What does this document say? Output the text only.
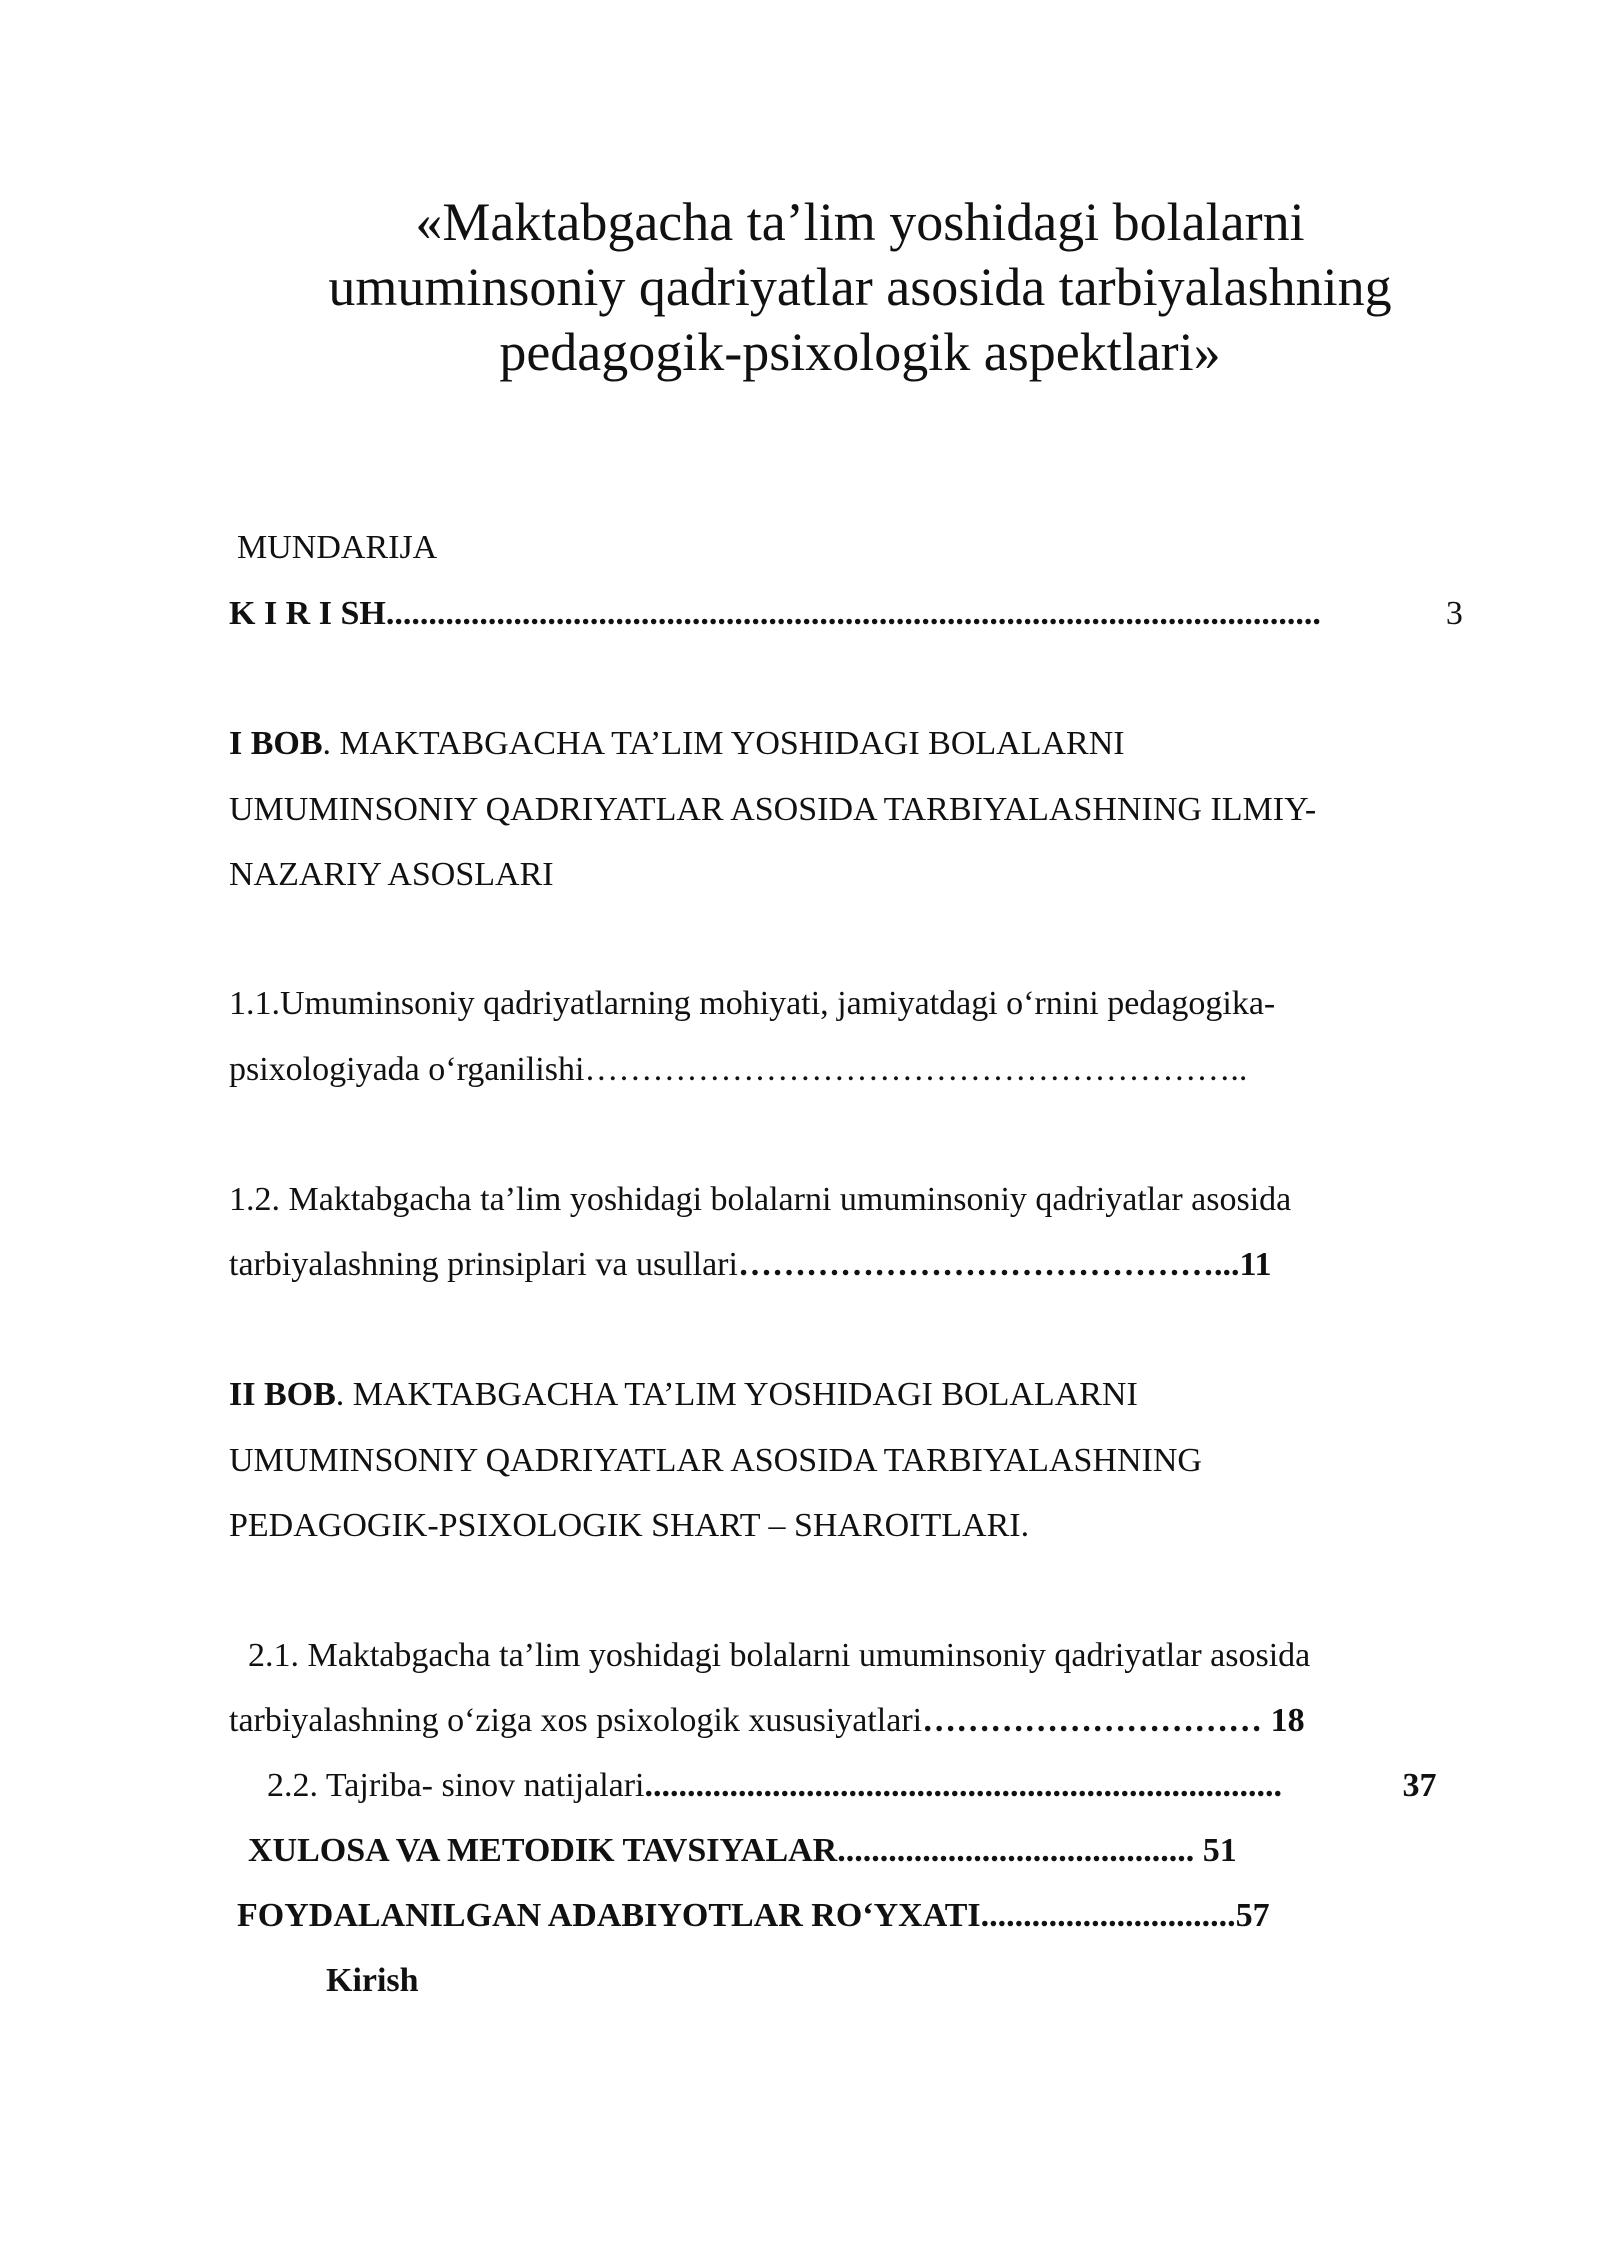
«Maktabgacha ta’lim yoshidagi bolalarni
umuminsoniy qadriyatlar asosida tarbiyalashning
pedagogik-psixologik aspektlari»
MUNDARIJA
K I R I SH..............................................................................................................	3
I BOB. MAKTABGACHA TA’LIM YOSHIDAGI BOLALARNI
UMUMINSONIY QADRIYATLAR ASOSIDA TARBIYALASHNING ILMIY-
NAZARIY ASOSLARI
1.1.Umuminsoniy qadriyatlarning mohiyati, jamiyatdagi o‘rnini pedagogika-
psixologiyada o‘rganilishi…………………………………………………..
1.2. Maktabgacha ta’lim yoshidagi bolalarni umuminsoniy qadriyatlar asosida
tarbiyalashning prinsiplari va usullari……………………………………...11
II BOB. MAKTABGACHA TA’LIM YOSHIDAGI BOLALARNI
UMUMINSONIY QADRIYATLAR ASOSIDA TARBIYALASHNING
PEDAGOGIK-PSIXOLOGIK SHART – SHAROITLARI.
2.1. Maktabgacha ta’lim yoshidagi bolalarni umuminsoniy qadriyatlar asosida
tarbiyalashning o‘ziga xos psixologik xususiyatlari………………………… 18
2.2. Tajriba- sinov natijalari...........................................................................	37
XULOSA VA METODIK TAVSIYALAR.......................................... 51
FOYDALANILGAN ADABIYOTLAR RO‘YXATI..............................57
Kirish
